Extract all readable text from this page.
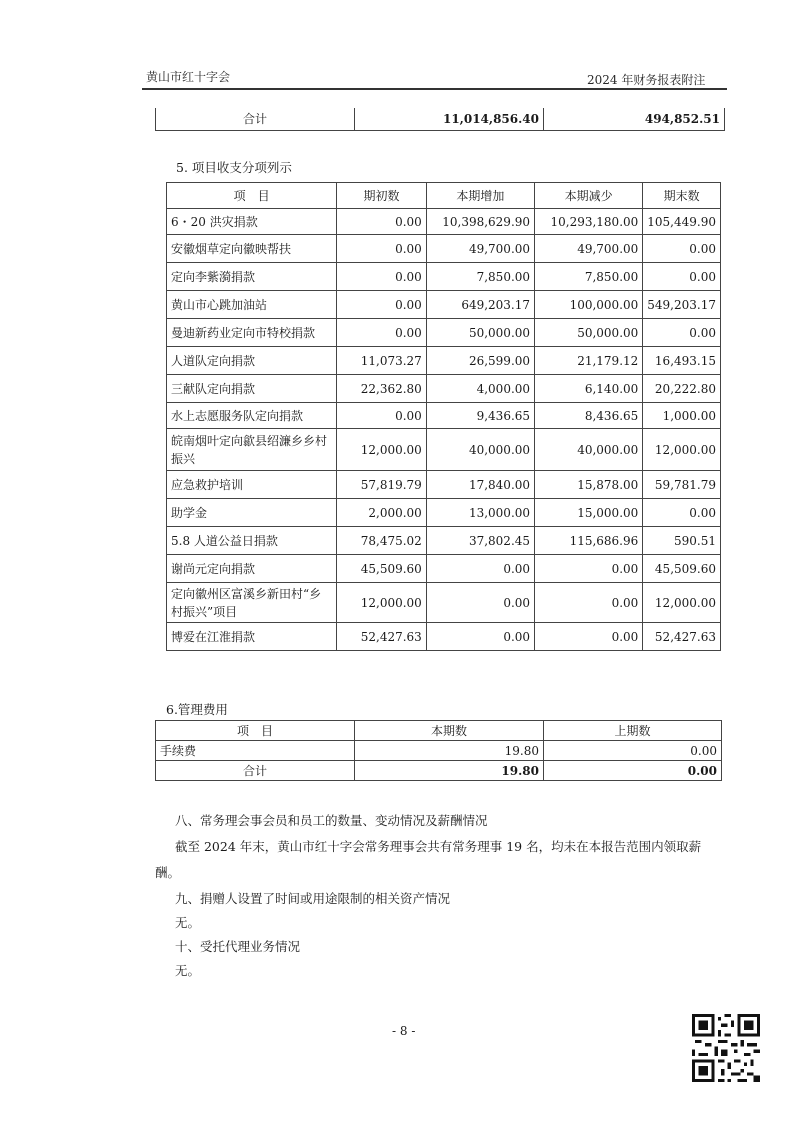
黄山市红十字会	2024 年财务报表附注
合计	11,014,856.40	494,852.51
5. 项目收支分项列示
项　目	期初数	本期增加	本期减少	期末数
6・20 洪灾捐款	0.00	10,398,629.90	10,293,180.00	105,449.90
安徽烟草定向徽映帮扶	0.00	49,700.00	49,700.00	0.00
定向李紫漪捐款	0.00	7,850.00	7,850.00	0.00
黄山市心跳加油站	0.00	649,203.17	100,000.00	549,203.17
曼迪新药业定向市特校捐款	0.00	50,000.00	50,000.00	0.00
人道队定向捐款	11,073.27	26,599.00	21,179.12	16,493.15
三献队定向捐款	22,362.80	4,000.00	6,140.00	20,222.80
水上志愿服务队定向捐款	0.00	9,436.65	8,436.65	1,000.00
皖南烟叶定向歙县绍濂乡乡村振兴	12,000.00	40,000.00	40,000.00	12,000.00
应急救护培训	57,819.79	17,840.00	15,878.00	59,781.79
助学金	2,000.00	13,000.00	15,000.00	0.00
5.8 人道公益日捐款	78,475.02	37,802.45	115,686.96	590.51
谢尚元定向捐款	45,509.60	0.00	0.00	45,509.60
定向徽州区富溪乡新田村“乡村振兴”项目	12,000.00	0.00	0.00	12,000.00
博爱在江淮捐款	52,427.63	0.00	0.00	52,427.63
6.管理费用
项　目	本期数	上期数
手续费	19.80	0.00
合计	19.80	0.00
八、常务理会事会员和员工的数量、变动情况及薪酬情况
截至 2024 年末，黄山市红十字会常务理事会共有常务理事 19 名，均未在本报告范围内领取薪酬。
九、捐赠人设置了时间或用途限制的相关资产情况
无。
十、受托代理业务情况
无。
- 8 -
